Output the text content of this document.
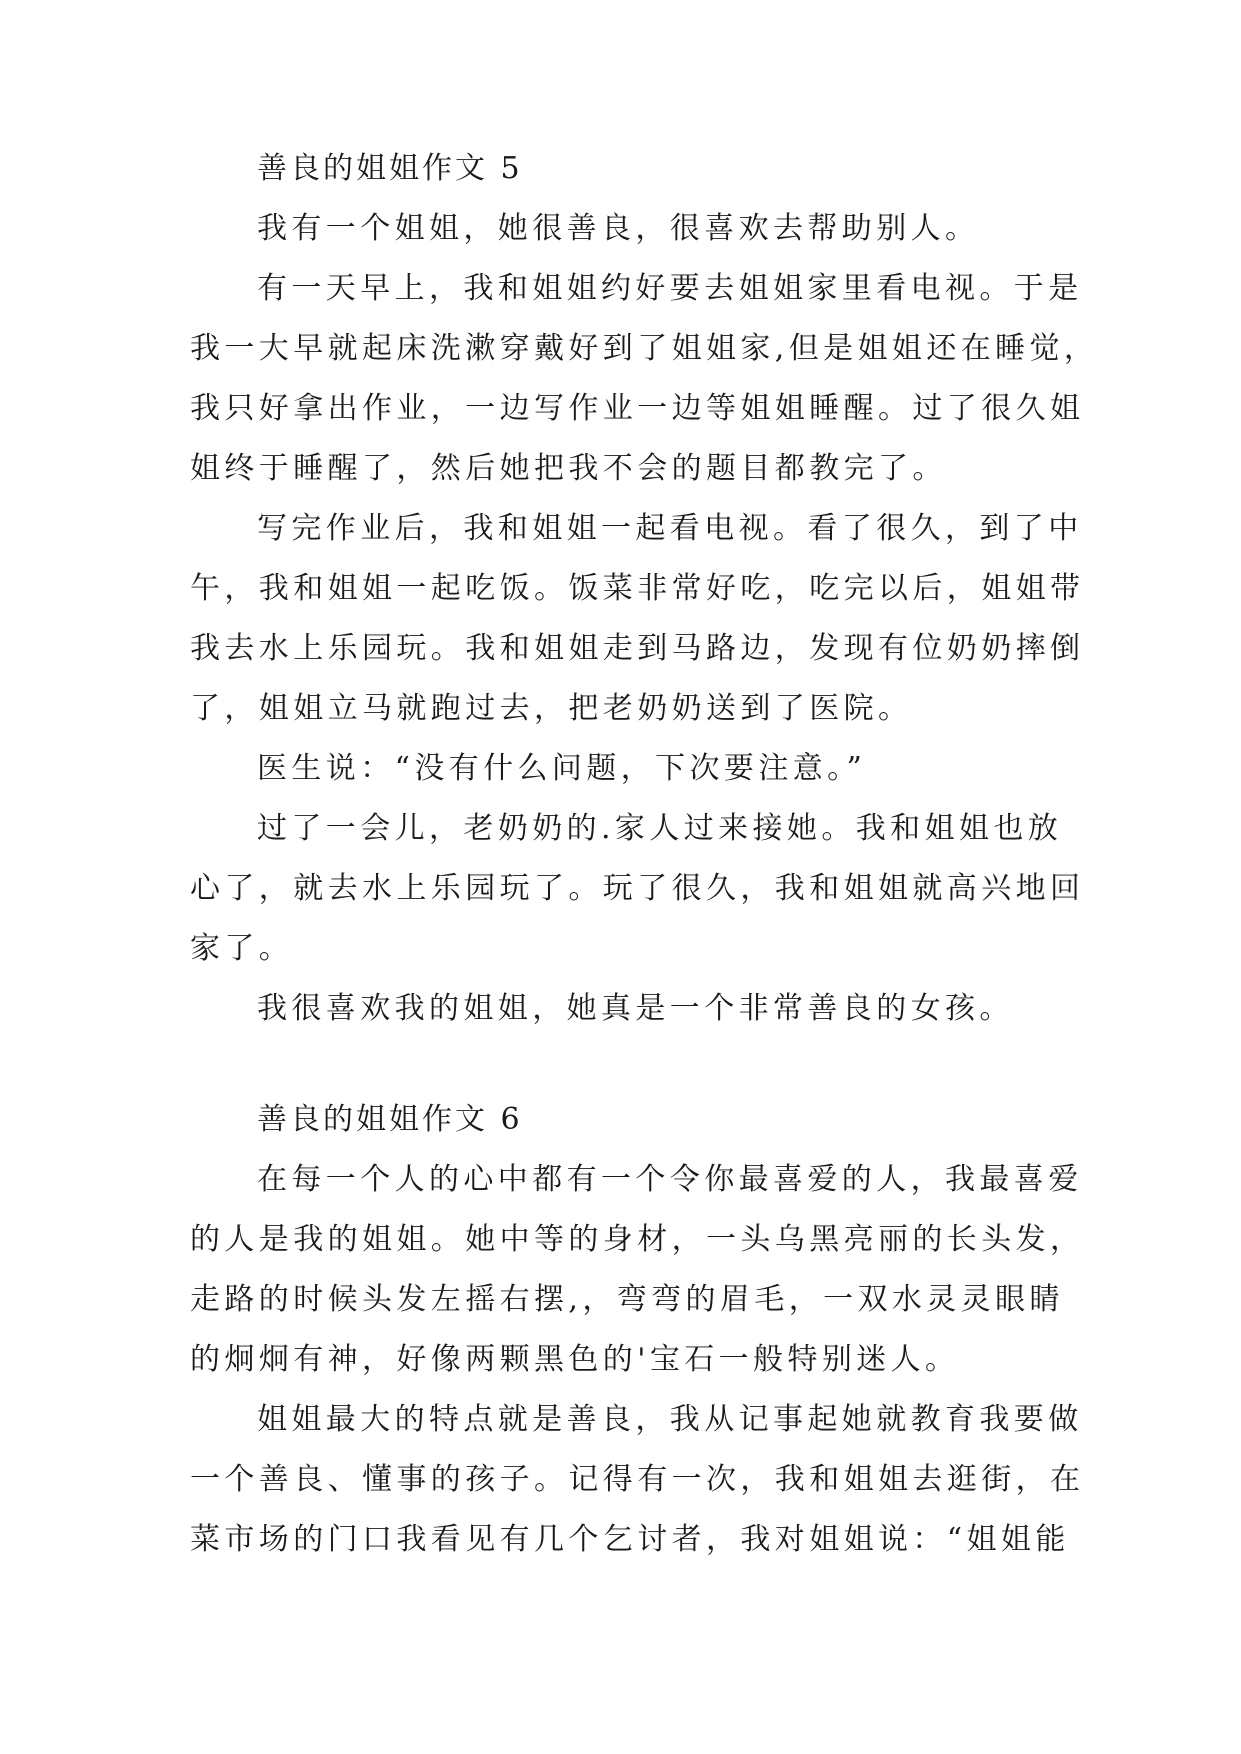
善良的姐姐作文 5
我有一个姐姐，她很善良，很喜欢去帮助别人。
有一天早上，我和姐姐约好要去姐姐家里看电视。于是
我一大早就起床洗漱穿戴好到了姐姐家,但是姐姐还在睡觉，
我只好拿出作业，一边写作业一边等姐姐睡醒。过了很久姐
姐终于睡醒了，然后她把我不会的题目都教完了。
写完作业后，我和姐姐一起看电视。看了很久，到了中
午，我和姐姐一起吃饭。饭菜非常好吃，吃完以后，姐姐带
我去水上乐园玩。我和姐姐走到马路边，发现有位奶奶摔倒
了，姐姐立马就跑过去，把老奶奶送到了医院。
医生说：“没有什么问题，下次要注意。”
过了一会儿，老奶奶的.家人过来接她。我和姐姐也放
心了，就去水上乐园玩了。玩了很久，我和姐姐就高兴地回
家了。
我很喜欢我的姐姐，她真是一个非常善良的女孩。
善良的姐姐作文 6
在每一个人的心中都有一个令你最喜爱的人，我最喜爱
的人是我的姐姐。她中等的身材，一头乌黑亮丽的长头发，
走路的时候头发左摇右摆,，弯弯的眉毛，一双水灵灵眼睛
的炯炯有神，好像两颗黑色的'宝石一般特别迷人。
姐姐最大的特点就是善良，我从记事起她就教育我要做
一个善良、懂事的孩子。记得有一次，我和姐姐去逛街，在
菜市场的门口我看见有几个乞讨者，我对姐姐说：“姐姐能
